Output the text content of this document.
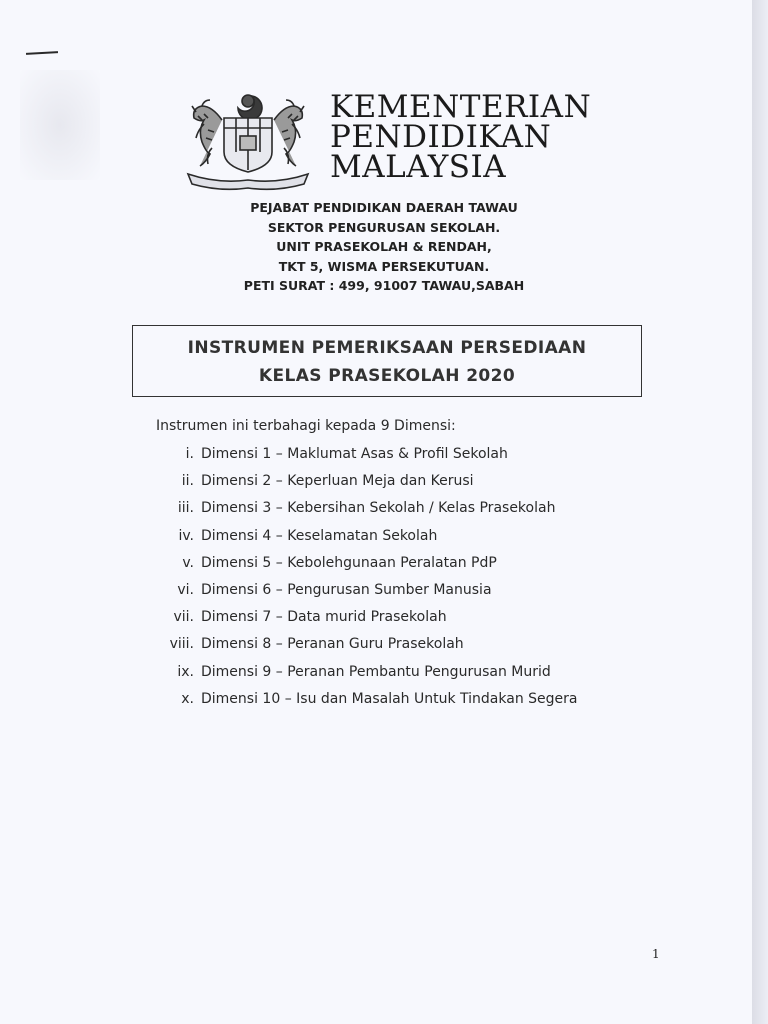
KEMENTERIAN
PENDIDIKAN
MALAYSIA
PEJABAT PENDIDIKAN DAERAH TAWAU
SEKTOR PENGURUSAN SEKOLAH.
UNIT PRASEKOLAH & RENDAH,
TKT 5, WISMA PERSEKUTUAN.
PETI SURAT : 499, 91007 TAWAU,SABAH
INSTRUMEN PEMERIKSAAN PERSEDIAAN
KELAS PRASEKOLAH 2020
Instrumen ini terbahagi kepada 9 Dimensi:
i. Dimensi 1 – Maklumat Asas & Profil Sekolah
ii. Dimensi 2 – Keperluan Meja dan Kerusi
iii. Dimensi 3 – Kebersihan Sekolah / Kelas Prasekolah
iv. Dimensi 4 – Keselamatan Sekolah
v. Dimensi 5 – Kebolehgunaan Peralatan PdP
vi. Dimensi 6 – Pengurusan Sumber Manusia
vii. Dimensi 7 – Data murid Prasekolah
viii. Dimensi 8 – Peranan Guru Prasekolah
ix. Dimensi 9 – Peranan Pembantu Pengurusan Murid
x. Dimensi 10 – Isu dan Masalah Untuk Tindakan Segera
1
